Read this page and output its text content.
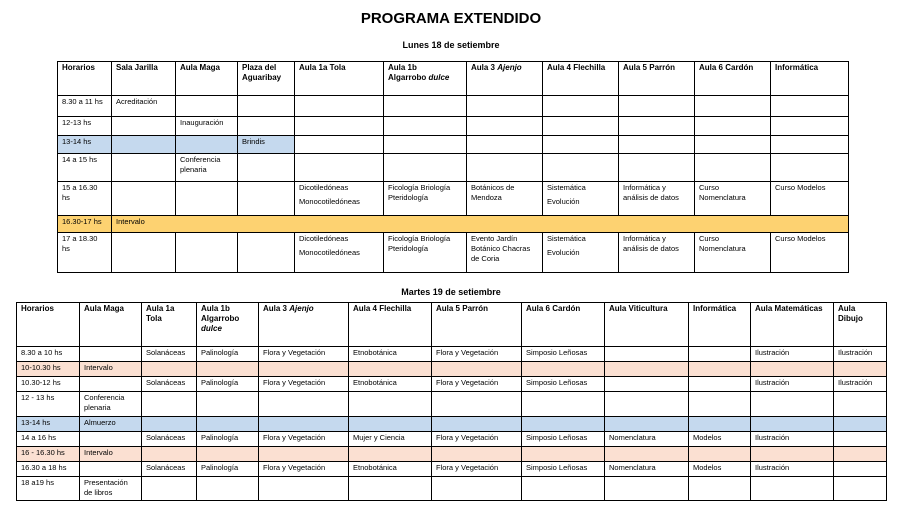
PROGRAMA EXTENDIDO
Lunes 18 de setiembre
Horarios	Sala Jarilla	Aula Maga	Plaza del Aguaribay	Aula 1a Tola	Aula 1b
Algarrobo dulce	Aula 3 Ajenjo	Aula 4 Flechilla	Aula 5 Parrón	Aula 6 Cardón	Informática
8.30 a 11 hs	Acreditación									
12-13 hs		Inauguración								
13-14 hs			Brindis							
14 a 15 hs		Conferencia plenaria								
15 a 16.30 hs				Dicotiledóneas
Monocotiledóneas	Ficología Briología Pteridología	Botánicos de Mendoza	Sistemática
Evolución	Informática y análisis de datos	Curso Nomenclatura	Curso Modelos
16.30-17 hs	Intervalo									
17 a 18.30 hs				Dicotiledóneas
Monocotiledóneas	Ficología Briología Pteridología	Evento Jardín Botánico Chacras de Coria	Sistemática
Evolución	Informática y análisis de datos	Curso Nomenclatura	Curso Modelos
Martes 19 de setiembre
Horarios	Aula Maga	Aula 1a Tola	Aula 1b Algarrobo
dulce	Aula 3 Ajenjo	Aula 4 Flechilla	Aula 5 Parrón	Aula 6 Cardón	Aula Viticultura	Informática	Aula Matemáticas	Aula Dibujo
8.30 a 10 hs		Solanáceas	Palinología	Flora y Vegetación	Etnobotánica	Flora y Vegetación	Simposio Leñosas			Ilustración	Ilustración
10-10.30 hs	Intervalo										
10.30-12 hs		Solanáceas	Palinología	Flora y Vegetación	Etnobotánica	Flora y Vegetación	Simposio Leñosas			Ilustración	Ilustración
12 - 13 hs	Conferencia plenaria										
13-14 hs	Almuerzo										
14 a 16 hs		Solanáceas	Palinología	Flora y Vegetación	Mujer y Ciencia	Flora y Vegetación	Simposio Leñosas	Nomenclatura	Modelos	Ilustración	
16 - 16.30 hs	Intervalo										
16.30 a 18 hs		Solanáceas	Palinología	Flora y Vegetación	Etnobotánica	Flora y Vegetación	Simposio Leñosas	Nomenclatura	Modelos	Ilustración	
18 a19 hs	Presentación de libros										
